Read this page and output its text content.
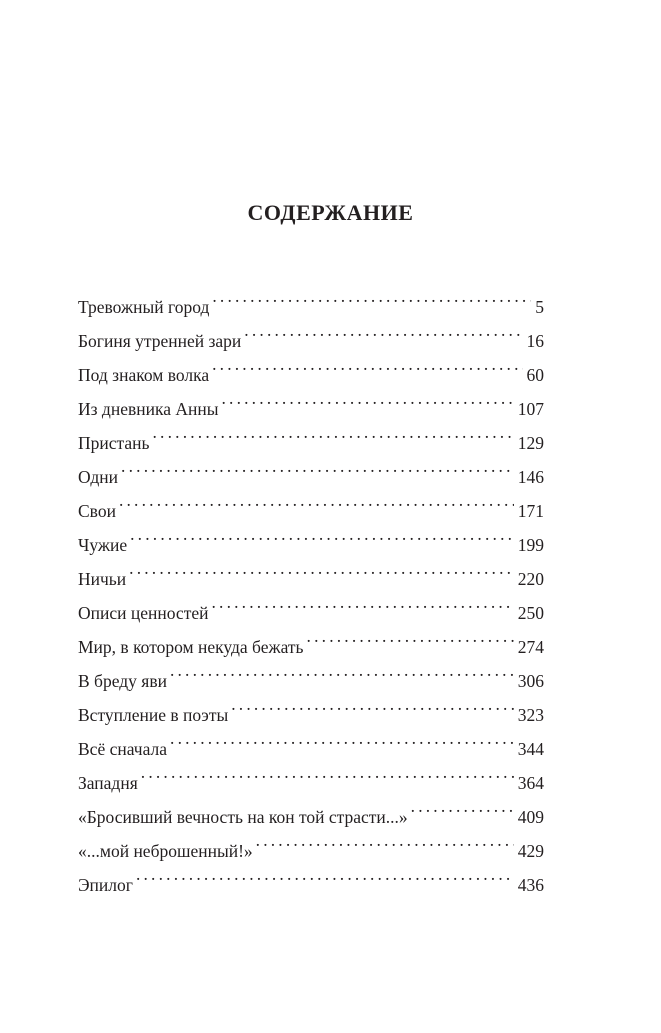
СОДЕРЖАНИЕ
Тревожный город . . .	5
Богиня утренней зари . . .	16
Под знаком волка . . .	60
Из дневника Анны . . .	107
Пристань . . .	129
Одни . . .	146
Свои . . .	171
Чужие . . .	199
Ничьи . . .	220
Описи ценностей . . .	250
Мир, в котором некуда бежать . . .	274
В бреду яви . . .	306
Вступление в поэты . . .	323
Всё сначала . . .	344
Западня . . .	364
«Бросивший вечность на кон той страсти...» . . .	409
«...мой неброшенный!» . . .	429
Эпилог . . .	436
